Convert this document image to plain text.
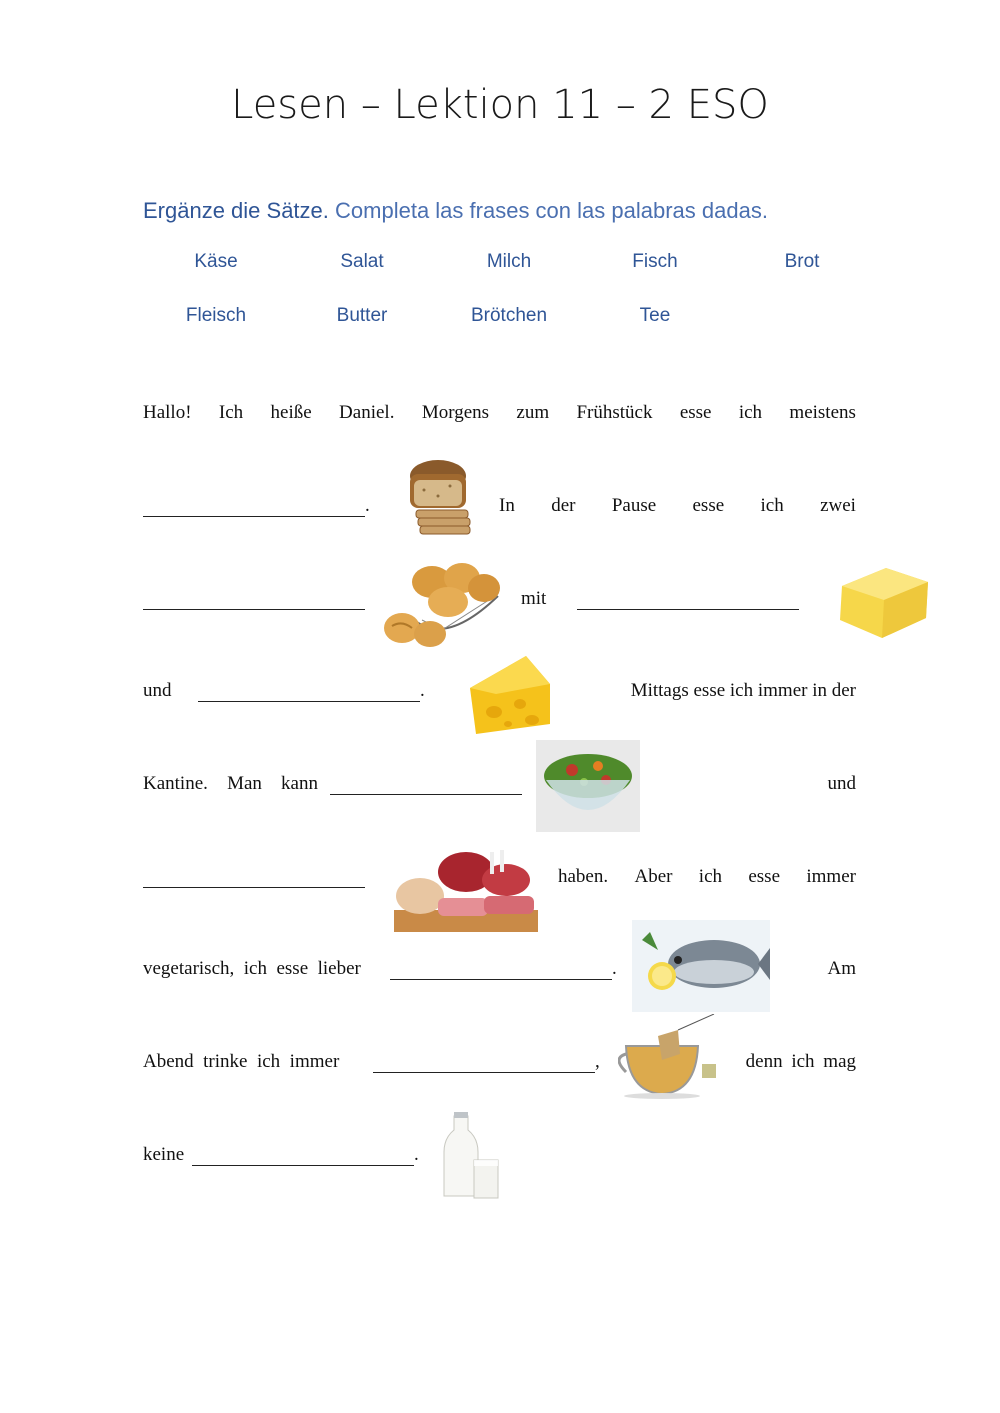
Lesen – Lektion 11 – 2 ESO
Ergänze die Sätze. Completa las frases con las palabras dadas.
Käse	Salat	Milch	Fisch	Brot
Fleisch	Butter	Brötchen	Tee
Hallo! Ich heiße Daniel. Morgens zum Frühstück esse ich meistens
.	In der Pause esse ich zwei
mit
und	.	Mittags esse ich immer in der
Kantine. Man kann	und
haben. Aber ich esse immer
vegetarisch,  ich  esse  lieber	.	Am
Abend  trinke  ich  immer	,	denn ich mag
keine	.
